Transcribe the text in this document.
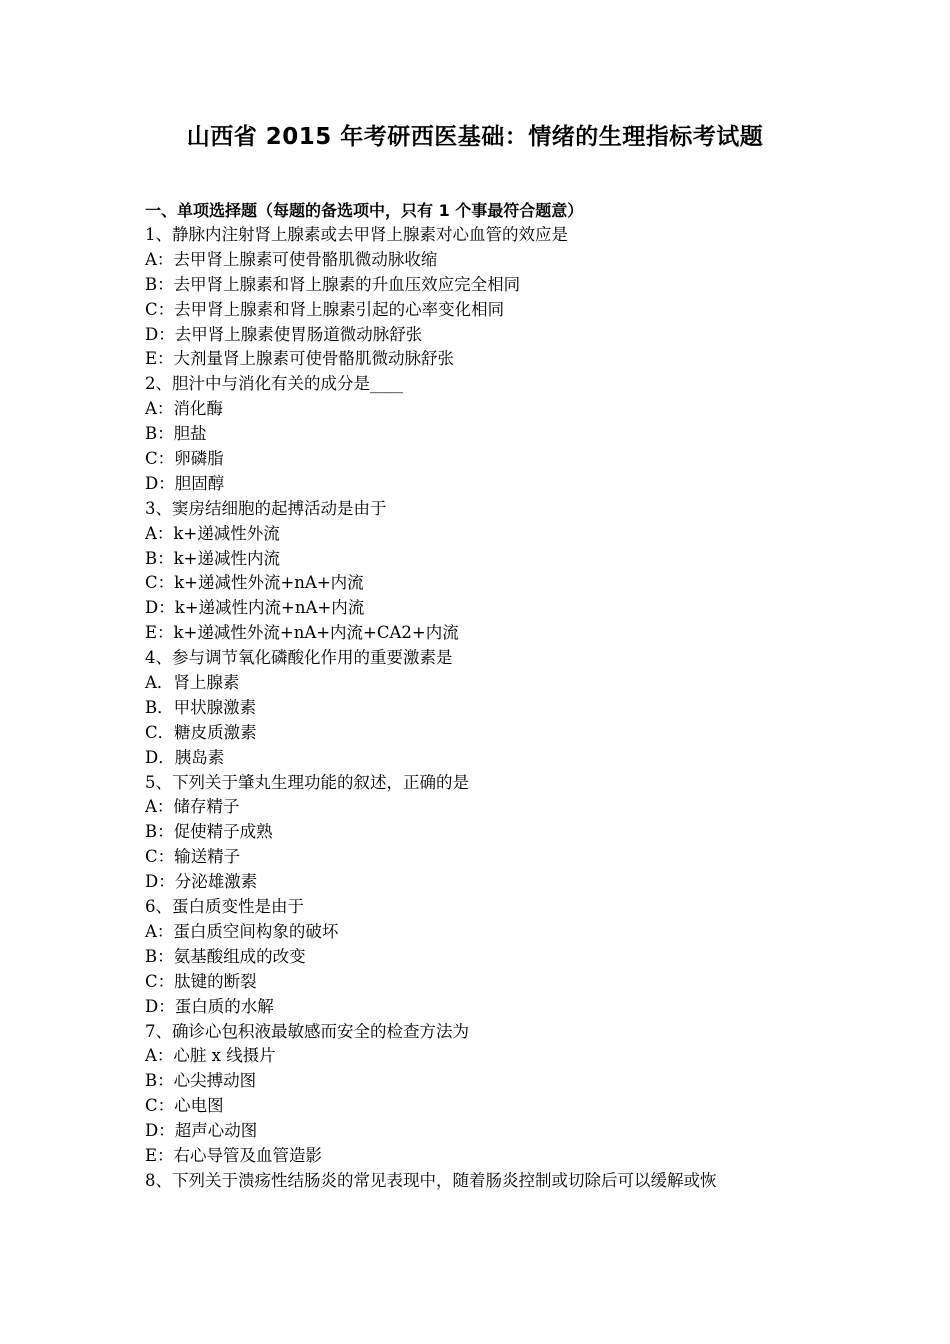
山西省 2015 年考研西医基础：情绪的生理指标考试题
一、单项选择题（每题的备选项中，只有 1 个事最符合题意）
1、静脉内注射肾上腺素或去甲肾上腺素对心血管的效应是
A：去甲肾上腺素可使骨骼肌微动脉收缩
B：去甲肾上腺素和肾上腺素的升血压效应完全相同
C：去甲肾上腺素和肾上腺素引起的心率变化相同
D：去甲肾上腺素使胃肠道微动脉舒张
E：大剂量肾上腺素可使骨骼肌微动脉舒张
2、胆汁中与消化有关的成分是____
A：消化酶
B：胆盐
C：卵磷脂
D：胆固醇
3、窦房结细胞的起搏活动是由于
A：k+递减性外流
B：k+递减性内流
C：k+递减性外流+nA+内流
D：k+递减性内流+nA+内流
E：k+递减性外流+nA+内流+CA2+内流
4、参与调节氧化磷酸化作用的重要激素是
A．肾上腺素
B．甲状腺激素
C．糖皮质激素
D．胰岛素
5、下列关于肇丸生理功能的叙述，正确的是
A：储存精子
B：促使精子成熟
C：输送精子
D：分泌雄激素
6、蛋白质变性是由于
A：蛋白质空间构象的破坏
B：氨基酸组成的改变
C：肽键的断裂
D：蛋白质的水解
7、确诊心包积液最敏感而安全的检查方法为
A：心脏 x 线摄片
B：心尖搏动图
C：心电图
D：超声心动图
E：右心导管及血管造影
8、下列关于溃疡性结肠炎的常见表现中，随着肠炎控制或切除后可以缓解或恢
